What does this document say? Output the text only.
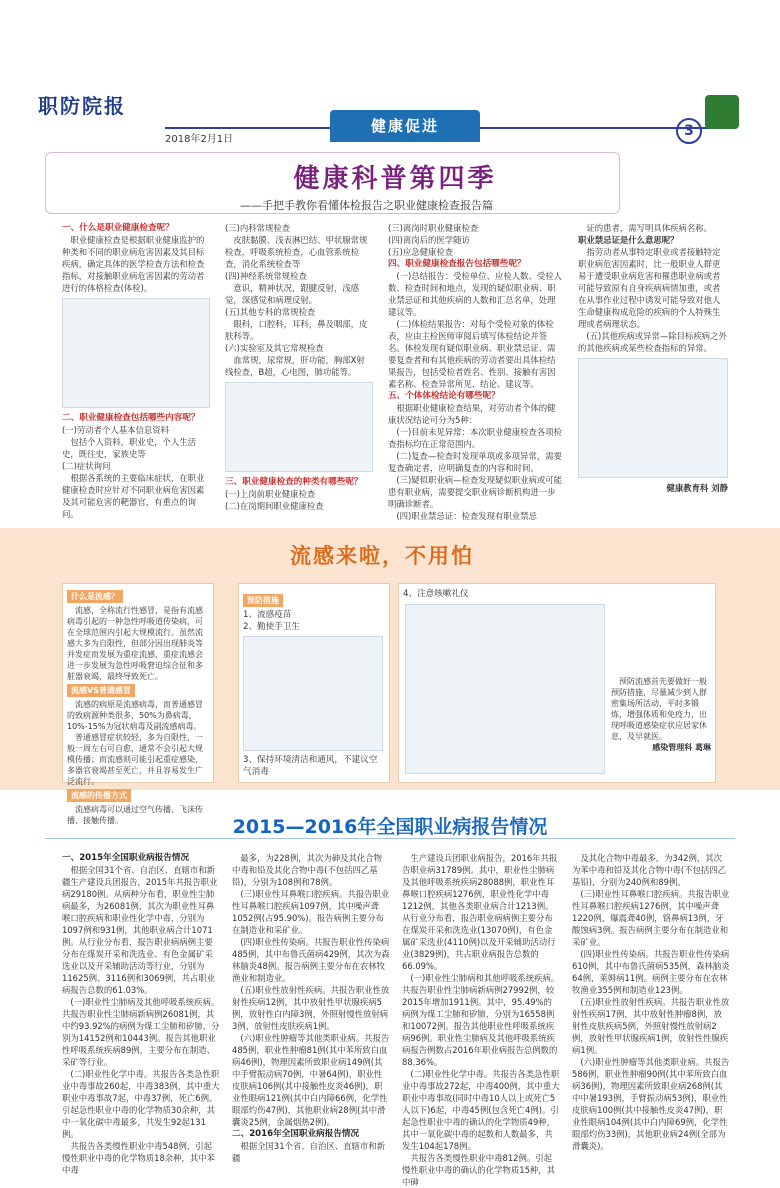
职防院报
2018年2月1日
健康促进	3
健康科普第四季
——手把手教你看懂体检报告之职业健康检查报告篇
一、什么是职业健康检查呢？

职业健康检查是根据职业健康监护的种类和不同的职业病危害因素及其目标疾病，确定具体的医学检查方法和检查指标，对接触职业病危害因素的劳动者进行的体格检查(体检)。

二、职业健康检查包括哪些内容呢？
(一)劳动者个人基本信息资料

包括个人资料，职业史，个人生活史，既往史，家族史等

(二)症状询问

根据各系统的主要临床症状，在职业健康检查时应针对不同职业病危害因素及其可能危害的靶器官，有重点的询问。

(三)内科常规检查

皮肤黏膜、浅表淋巴结、甲状腺常规检查，呼吸系统检查，心血管系统检查，消化系统检查等

(四)神经系统常规检查

意识，精神状况，跟腱反射，浅感觉，深感觉和病理反射。

(五)其他专科的常规检查

眼科，口腔科，耳科，鼻及咽部，皮肤科等。

(六)实验室及其它常规检查

血常规，尿常规，肝功能，胸部X射线检查，B超，心电图，肺功能等。

三、职业健康检查的种类有哪些呢？
(一)上岗前职业健康检查
(二)在岗期间职业健康检查
(三)离岗时职业健康检查
(四)离岗后的医学随访
(五)应急健康检查
四、职业健康检查报告包括哪些呢？

(一)总结报告：受检单位、应检人数、受检人数、检查时间和地点，发现的疑似职业病、职业禁忌证和其他疾病的人数和汇总名单，处理建议等。

(二)体检结果报告：对每个受检对象的体检表，应由主检医师审阅后填写体检结论并签名。体检发现有疑似职业病、职业禁忌证、需要复查者和有其他疾病的劳动者要出具体检结果报告，包括受检者姓名、性别、接触有害因素名称、检查异常所见、结论、建议等。

五、个体体检结论有哪些呢？

根据职业健康检查结果，对劳动者个体的健康状况结论可分为5种：

(一)目前未见异常：本次职业健康检查各项检查指标均在正常范围内。

(二)复查—检查时发现单项或多项异常，需要复查确定者，应明确复查的内容和时间。

(三)疑似职业病—检查发现疑似职业病或可能患有职业病，需要提交职业病诊断机构进一步明确诊断者。

(四)职业禁忌证：检查发现有职业禁忌

证的患者，需写明具体疾病名称。

职业禁忌证是什么意思呢？

指劳动者从事特定职业或者接触特定职业病危害因素时，比一般职业人群更易于遭受职业病危害和罹患职业病或者可能导致原有自身疾病病情加重，或者在从事作业过程中诱发可能导致对他人生命健康构成危险的疾病的个人特殊生理或者病理状态。

(五)其他疾病或异常—除目标疾病之外的其他疾病或某些检查指标的异常。

健康教育科 刘静
流感来啦，不用怕
什么是流感？

流感，全称流行性感冒，是指有流感病毒引起的一种急性呼吸道传染病，可在全球范围内引起大规模流行。虽然流感大多为自限性，但部分因出现肺炎等并发症而发展为重症流感，重症流感会进一步发展为急性呼吸窘迫综合征和多脏器衰竭，最终导致死亡。

流感VS普通感冒

流感的病原是流感病毒，而普通感冒的致病源种类很多，50%为鼻病毒，10%-15%为冠状病毒及副流感病毒。

普通感冒症状较轻，多为自限性，一般一周左右可自愈，通常不会引起大规模传播；而流感则可能引起重症感染，多器官衰竭甚至死亡，并且容易发生广泛流行。

流感的传播方式

流感病毒可以通过空气传播、飞沫传播、接触传播。

预防措施
1、流感疫苗
2、勤使手卫生
3、保持环境清洁和通风，不建议空气消毒
4、注意咳嗽礼仪

预防流感首先要做好一般预防措施，尽量减少到人群密集场所活动，平时多锻炼，增强体质和免疫力，出现呼吸道感染症状应居家休息，及早就医。

感染管理科 葛琳
2015—2016年全国职业病报告情况
一、2015年全国职业病报告情况

根据全国31个省、自治区、直辖市和新疆生产建设兵团报告，2015年共报告职业病29180例。从病种分布看，职业性尘肺病最多，为26081例，其次为职业性耳鼻喉口腔疾病和职业性化学中毒，分别为1097例和931例，其他职业病合计1071例。从行业分布看，报告职业病病例主要分布在煤炭开采和洗选业、有色金属矿采选业以及开采辅助活动等行业，分别为11625例、3116例和3069例，共占职业病报告总数的61.03%。

(一)职业性尘肺病及其他呼吸系统疾病。共报告职业性尘肺病新病例26081例，其中约93.92%的病例为煤工尘肺和矽肺，分别为14152例和10443例。报告其他职业性呼吸系统疾病89例，主要分布在制造、采矿等行业。

(二)职业性化学中毒。共报告各类急性职业中毒事故260起，中毒383例，其中重大职业中毒事故7起，中毒37例，死亡6例。引起急性职业中毒的化学物质30余种，其中一氧化碳中毒最多，共发生92起131例。

共报告各类慢性职业中毒548例，引起慢性职业中毒的化学物质18余种，其中苯中毒

最多，为228例，其次为砷及其化合物中毒和铅及其化合物中毒(不包括四乙基铅)，分别为108例和78例。

(三)职业性耳鼻喉口腔疾病。共报告职业性耳鼻喉口腔疾病1097例，其中噪声聋1052例(占95.90%)。报告病例主要分布在制造业和采矿业。

(四)职业性传染病。共报告职业性传染病485例，其中布鲁氏菌病429例，其次为森林脑炎48例。报告病例主要分布在农林牧渔业和制造业。

(五)职业性放射性疾病。共报告职业性放射性疾病12例，其中放射性甲状腺疾病5例，放射性白内障3例，外照射慢性放射病3例，放射性皮肤疾病1例。

(六)职业性肿瘤等其他类职业病。共报告485例，职业性肿瘤81例(其中苯所致白血病46例)，物理因素所致职业病149例(其中手臂振动病70例，中暑64例)，职业性皮肤病106例(其中接触性皮炎46例)，职业性眼病121例(其中白内障66例，化学性眼部灼伤47例)，其他职业病28例(其中滑囊炎25例，金属烟热2例)。

二、2016年全国职业病报告情况

根据全国31个省、自治区、直辖市和新疆

生产建设兵团职业病报告，2016年共报告职业病31789例。其中，职业性尘肺病及其他呼吸系统疾病28088例，职业性耳鼻喉口腔疾病1276例，职业性化学中毒1212例，其他各类职业病合计1213例。从行业分布看，报告职业病病例主要分布在煤炭开采和洗选业(13070例)，有色金属矿采选业(4110例)以及开采辅助活动行业(3829例)，共占职业病报告总数的66.09%。

(一)职业性尘肺病和其他呼吸系统疾病。共报告职业性尘肺病新病例27992例，较2015年增加1911例。其中，95.49%的病例为煤工尘肺和矽肺，分别为16558例和10072例。报告其他职业性呼吸系统疾病96例。职业性尘肺病及其他呼吸系统疾病报告例数占2016年职业病报告总例数的88.36%。

(二)职业性化学中毒。共报告各类急性职业中毒事故272起，中毒400例，其中重大职业中毒事故(同时中毒10人以上或死亡5人以下)6起，中毒45例(包含死亡4例)。引起急性职业中毒的确认的化学物质49种，其中一氧化碳中毒的起数和人数最多，共发生104起178例。

共报告各类慢性职业中毒812例。引起慢性职业中毒的确认的化学物质15种，其中砷

及其化合物中毒最多，为342例，其次为苯中毒和铅及其化合物中毒(不包括四乙基铅)，分别为240例和89例。

(三)职业性耳鼻喉口腔疾病。共报告职业性耳鼻喉口腔疾病1276例，其中噪声聋1220例，爆震聋40例，铬鼻病13例，牙酸蚀病3例。报告病例主要分布在制造业和采矿业。

(四)职业性传染病。共报告职业性传染病610例，其中布鲁氏菌病535例，森林脑炎64例，莱姆病11例。病例主要分布在农林牧渔业355例和制造业123例。

(五)职业性放射性疾病。共报告职业性放射性疾病17例，其中放射性肿瘤8例，放射性皮肤疾病5例，外照射慢性放射病2例，放射性甲状腺疾病1例，放射性性腺疾病1例。

(六)职业性肿瘤等其他类职业病。共报告586例，职业性肿瘤90例(其中苯所致白血病36例)，物理因素所致职业病268例(其中中暑193例，手臂振动病53例)，职业性皮肤病100例(其中接触性皮炎47例)，职业性眼病104例(其中白内障69例，化学性眼部灼伤33例)，其他职业病24例(全部为滑囊炎)。
